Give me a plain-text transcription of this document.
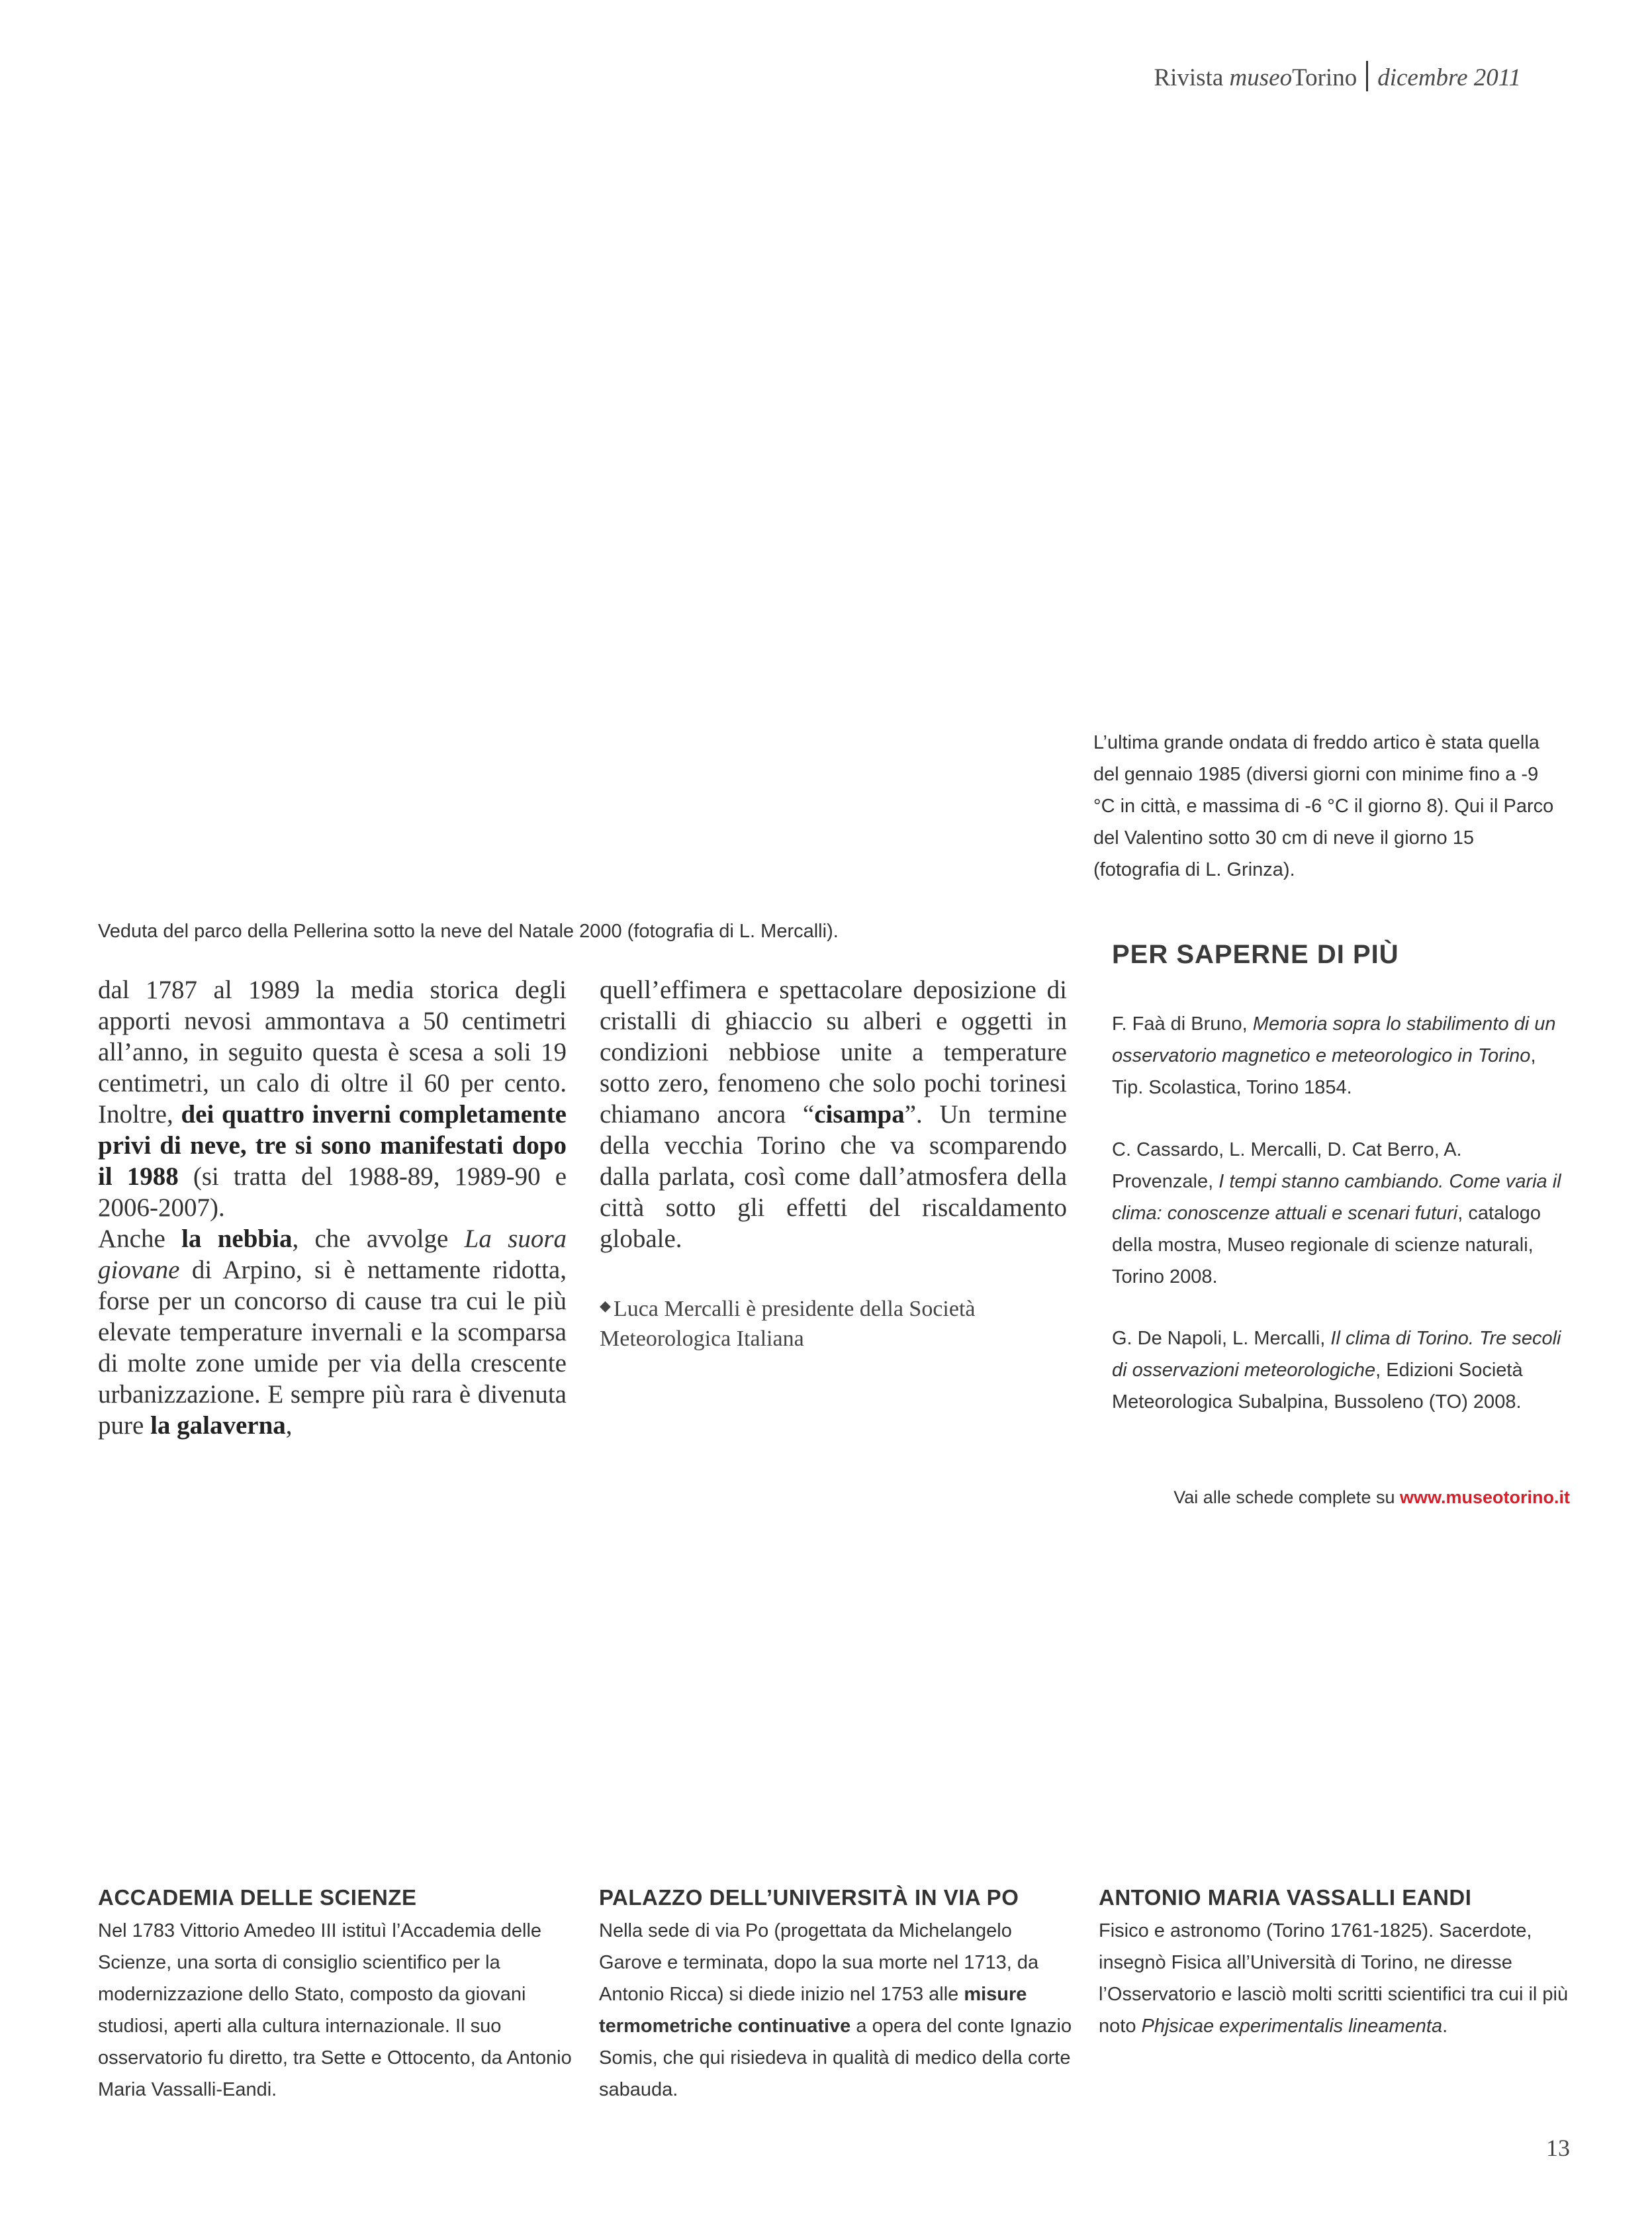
Rivista museoTorino dicembre 2011
L’ultima grande ondata di freddo artico è stata quella del gennaio 1985 (diversi giorni con minime fino a -9 °C in città, e massima di -6 °C il giorno 8). Qui il Parco del Valentino sotto 30 cm di neve il giorno 15 (fotografia di L. Grinza).
Veduta del parco della Pellerina sotto la neve del Natale 2000 (fotografia di L. Mercalli).

dal 1787 al 1989 la media storica degli apporti nevosi ammontava a 50 centimetri all’anno, in seguito questa è scesa a soli 19 centimetri, un calo di oltre il 60 per cento. Inoltre, dei quattro inverni completamente privi di neve, tre si sono manifestati dopo il 1988 (si tratta del 1988-89, 1989-90 e 2006-2007).

Anche la nebbia, che avvolge La suora giovane di Arpino, si è nettamente ridotta, forse per un concorso di cause tra cui le più elevate temperature invernali e la scomparsa di molte zone umide per via della crescente urbanizzazione. E sempre più rara è divenuta pure la galaverna,

quell’effimera e spettacolare deposizione di cristalli di ghiaccio su alberi e oggetti in condizioni nebbiose unite a temperature sotto zero, fenomeno che solo pochi torinesi chiamano ancora “cisampa”. Un termine della vecchia Torino che va scomparendo dalla parlata, così come dall’atmosfera della città sotto gli effetti del riscaldamento globale.

◆ Luca Mercalli è presidente della Società Meteorologica Italiana
PER SAPERNE DI PIÙ
F. Faà di Bruno, Memoria sopra lo stabilimento di un osservatorio magnetico e meteorologico in Torino, Tip. Scolastica, Torino 1854.
C. Cassardo, L. Mercalli, D. Cat Berro, A. Provenzale, I tempi stanno cambiando. Come varia il clima: conoscenze attuali e scenari futuri, catalogo della mostra, Museo regionale di scienze naturali, Torino 2008.
G. De Napoli, L. Mercalli, Il clima di Torino. Tre secoli di osservazioni meteorologiche, Edizioni Società Meteorologica Subalpina, Bussoleno (TO) 2008.
Vai alle schede complete su www.museotorino.it
ACCADEMIA DELLE SCIENZE

Nel 1783 Vittorio Amedeo III istituì l’Accademia delle Scienze, una sorta di consiglio scientifico per la modernizzazione dello Stato, composto da giovani studiosi, aperti alla cultura internazionale. Il suo osservatorio fu diretto, tra Sette e Ottocento, da Antonio Maria Vassalli-Eandi.

PALAZZO DELL’UNIVERSITÀ IN VIA PO

Nella sede di via Po (progettata da Michelangelo Garove e terminata, dopo la sua morte nel 1713, da Antonio Ricca) si diede inizio nel 1753 alle misure termometriche continuative a opera del conte Ignazio Somis, che qui risiedeva in qualità di medico della corte sabauda.

ANTONIO MARIA VASSALLI EANDI

Fisico e astronomo (Torino 1761-1825). Sacerdote, insegnò Fisica all’Università di Torino, ne diresse l’Osservatorio e lasciò molti scritti scientifici tra cui il più noto Phjsicae experimentalis lineamenta.

13
